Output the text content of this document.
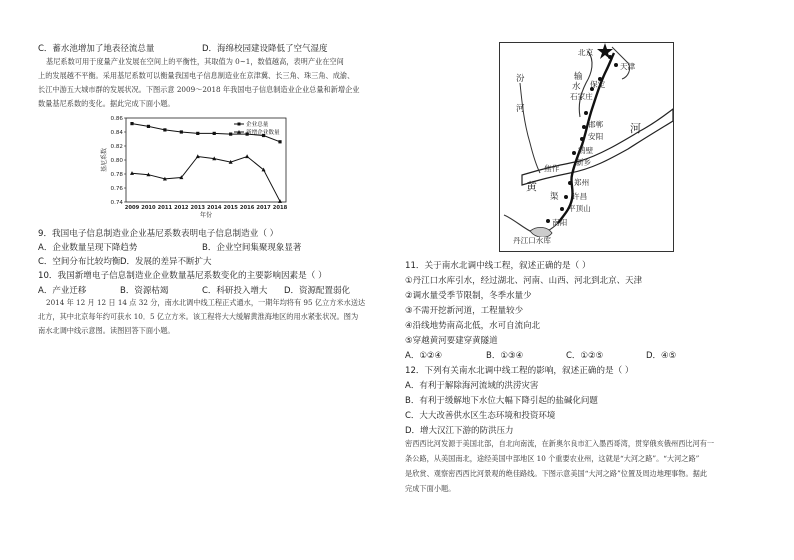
C．蓄水池增加了地表径流总量	D．海绵校园建设降低了空气湿度
基尼系数可用于度量产业发展在空间上的平衡性，其取值为 0~1，数值越高，表明产业在空间
上的发展越不平衡。采用基尼系数可以衡量我国电子信息制造业在京津冀、长三角、珠三角、成渝、
长江中游五大城市群的发展状况。下图示意 2009～2018 年我国电子信息制造业企业总量和新增企业
数量基尼系数的变化。据此完成下面小题。
0.74
0.76
0.78
0.80
0.82
0.84
0.86
2009 2010 2011 2012 2013 2014 2015 2016 2017 2018
年份
基尼系数
企业总量
新增企业数量
9．我国电子信息制造业企业基尼系数表明电子信息制造业（ ）
A．企业数量呈现下降趋势	B．企业空间集聚现象显著
C．空间分布比较均衡 D．发展的差异不断扩大
10．我国新增电子信息制造业企业数量基尼系数变化的主要影响因素是（ ）
A．产业迁移	B．资源枯竭	C．科研投入增大 D．资源配置弱化
2014 年 12 月 12 日 14 点 32 分，南水北调中线工程正式通水，一期年均将有 95 亿立方米水送达
北方，其中北京每年约可获水 10．5 亿立方米。该工程将大大缓解黄淮海地区的用水紧张状况。图为
南水北调中线示意图。读图回答下面小题。
北京
天津
输
保定
石家庄
水
汾
河
邯郸
安阳
鹤壁
新乡
焦作
河
黄	郑州
渠 许昌
平顶山
南阳
丹江口水库
11．关于南水北调中线工程，叙述正确的是（ ）
①丹江口水库引水，经过湖北、河南、山西、河北到北京、天津
②调水量受季节限制，冬季水量少
③不需开挖新河道，工程量较少
④沿线地势南高北低，水可自流向北
⑤穿越黄河要建穿黄隧道
A．①②④	B．①③④	C．①②⑤	D．④⑤
12．下列有关南水北调中线工程的影响，叙述正确的是（ ）
A．有利于解除海河流域的洪涝灾害
B．有利于缓解地下水位大幅下降引起的盐碱化问题
C．大大改善供水区生态环境和投资环境
D．增大汉江下游的防洪压力
密西西比河发源于美国北部，自北向南流，在新奥尔良市汇入墨西哥湾，贯穿俄亥俄州西比河有一
条公路，从美国南北，途经美国中部地区 10 个重要农业州，这就是“大河之路”。“大河之路”
是欣赏、观察密西西比河景观的绝佳路线。下图示意美国“大河之路”位置及周边地理事物。据此
完成下面小题。
